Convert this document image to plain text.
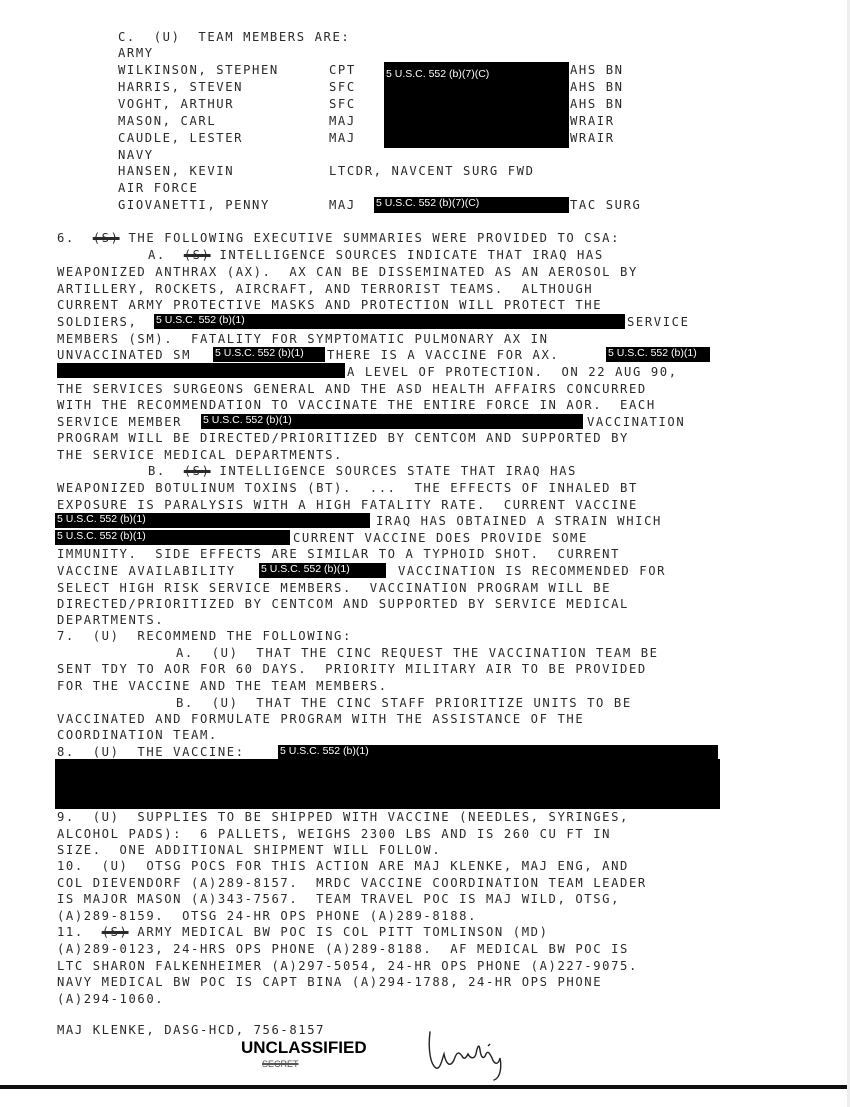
C.  (U)  TEAM MEMBERS ARE:
ARMY
WILKINSON, STEPHEN	CPT	AHS BN
HARRIS, STEVEN	SFC	AHS BN
VOGHT, ARTHUR	SFC	AHS BN
MASON, CARL	MAJ	WRAIR
CAUDLE, LESTER	MAJ	WRAIR
5 U.S.C. 552 (b)(7)(C)
NAVY
HANSEN, KEVIN	LTCDR, NAVCENT SURG FWD
AIR FORCE
GIOVANETTI, PENNY	MAJ 5 U.S.C. 552 (b)(7)(C)	TAC SURG
6.  (S) THE FOLLOWING EXECUTIVE SUMMARIES WERE PROVIDED TO CSA:
A.  (S) INTELLIGENCE SOURCES INDICATE THAT IRAQ HAS
WEAPONIZED ANTHRAX (AX).  AX CAN BE DISSEMINATED AS AN AEROSOL BY
ARTILLERY, ROCKETS, AIRCRAFT, AND TERRORIST TEAMS.  ALTHOUGH
CURRENT ARMY PROTECTIVE MASKS AND PROTECTION WILL PROTECT THE
SOLDIERS, 5 U.S.C. 552 (b)(1)	SERVICE
MEMBERS (SM).  FATALITY FOR SYMPTOMATIC PULMONARY AX IN
UNVACCINATED SM 5 U.S.C. 552 (b)(1)	THERE IS A VACCINE FOR AX.	5 U.S.C. 552 (b)(1)
A LEVEL OF PROTECTION.  ON 22 AUG 90,
THE SERVICES SURGEONS GENERAL AND THE ASD HEALTH AFFAIRS CONCURRED
WITH THE RECOMMENDATION TO VACCINATE THE ENTIRE FORCE IN AOR.  EACH
SERVICE MEMBER 5 U.S.C. 552 (b)(1)	VACCINATION
PROGRAM WILL BE DIRECTED/PRIORITIZED BY CENTCOM AND SUPPORTED BY
THE SERVICE MEDICAL DEPARTMENTS.
B.  (S) INTELLIGENCE SOURCES STATE THAT IRAQ HAS
WEAPONIZED BOTULINUM TOXINS (BT).  ...  THE EFFECTS OF INHALED BT
EXPOSURE IS PARALYSIS WITH A HIGH FATALITY RATE.  CURRENT VACCINE
5 U.S.C. 552 (b)(1)	IRAQ HAS OBTAINED A STRAIN WHICH
5 U.S.C. 552 (b)(1)	CURRENT VACCINE DOES PROVIDE SOME
IMMUNITY.  SIDE EFFECTS ARE SIMILAR TO A TYPHOID SHOT.  CURRENT
VACCINE AVAILABILITY 5 U.S.C. 552 (b)(1)	VACCINATION IS RECOMMENDED FOR
SELECT HIGH RISK SERVICE MEMBERS.  VACCINATION PROGRAM WILL BE
DIRECTED/PRIORITIZED BY CENTCOM AND SUPPORTED BY SERVICE MEDICAL
DEPARTMENTS.
7.  (U)  RECOMMEND THE FOLLOWING:
A.  (U)  THAT THE CINC REQUEST THE VACCINATION TEAM BE
SENT TDY TO AOR FOR 60 DAYS.  PRIORITY MILITARY AIR TO BE PROVIDED
FOR THE VACCINE AND THE TEAM MEMBERS.
B.  (U)  THAT THE CINC STAFF PRIORITIZE UNITS TO BE
VACCINATED AND FORMULATE PROGRAM WITH THE ASSISTANCE OF THE
COORDINATION TEAM.
8.  (U)  THE VACCINE:	5 U.S.C. 552 (b)(1)
9.  (U)  SUPPLIES TO BE SHIPPED WITH VACCINE (NEEDLES, SYRINGES,
ALCOHOL PADS):  6 PALLETS, WEIGHS 2300 LBS AND IS 260 CU FT IN
SIZE.  ONE ADDITIONAL SHIPMENT WILL FOLLOW.
10.  (U)  OTSG POCS FOR THIS ACTION ARE MAJ KLENKE, MAJ ENG, AND
COL DIEVENDORF (A)289-8157.  MRDC VACCINE COORDINATION TEAM LEADER
IS MAJOR MASON (A)343-7567.  TEAM TRAVEL POC IS MAJ WILD, OTSG,
(A)289-8159.  OTSG 24-HR OPS PHONE (A)289-8188.
11.  (S) ARMY MEDICAL BW POC IS COL PITT TOMLINSON (MD)
(A)289-0123, 24-HRS OPS PHONE (A)289-8188.  AF MEDICAL BW POC IS
LTC SHARON FALKENHEIMER (A)297-5054, 24-HR OPS PHONE (A)227-9075.
NAVY MEDICAL BW POC IS CAPT BINA (A)294-1788, 24-HR OPS PHONE
(A)294-1060.
MAJ KLENKE, DASG-HCD, 756-8157
UNCLASSIFIED
SECRET
